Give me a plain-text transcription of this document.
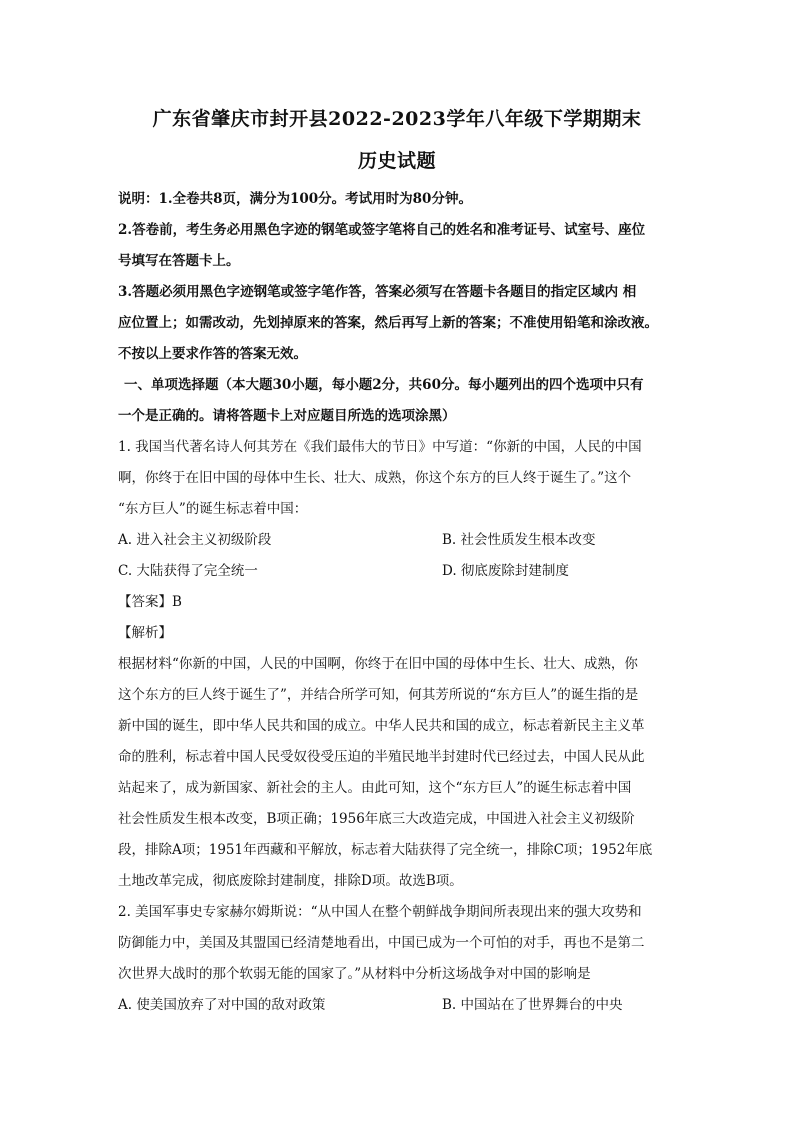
广东省肇庆市封开县2022-2023学年八年级下学期期末
历史试题

说明：1.全卷共8页，满分为100分。考试用时为80分钟。

2.答卷前，考生务必用黑色字迹的钢笔或签字笔将自己的姓名和准考证号、试室号、座位

号填写在答题卡上。

3.答题必须用黑色字迹钢笔或签字笔作答，答案必须写在答题卡各题目的指定区域内 相

应位置上；如需改动，先划掉原来的答案，然后再写上新的答案；不准使用铅笔和涂改液。

不按以上要求作答的答案无效。

一、单项选择题（本大题30小题，每小题2分，共60分。每小题列出的四个选项中只有

一个是正确的。请将答题卡上对应题目所选的选项涂黑）

1. 我国当代著名诗人何其芳在《我们最伟大的节日》中写道：“你新的中国，人民的中国

啊，你终于在旧中国的母体中生长、壮大、成熟，你这个东方的巨人终于诞生了。”这个

“东方巨人”的诞生标志着中国：

A. 进入社会主义初级阶段	B. 社会性质发生根本改变
C. 大陆获得了完全统一	D. 彻底废除封建制度

【答案】B

【解析】

根据材料“你新的中国，人民的中国啊，你终于在旧中国的母体中生长、壮大、成熟，你

这个东方的巨人终于诞生了”，并结合所学可知，何其芳所说的“东方巨人”的诞生指的是

新中国的诞生，即中华人民共和国的成立。中华人民共和国的成立，标志着新民主主义革

命的胜利，标志着中国人民受奴役受压迫的半殖民地半封建时代已经过去，中国人民从此

站起来了，成为新国家、新社会的主人。由此可知，这个“东方巨人”的诞生标志着中国

社会性质发生根本改变，B项正确；1956年底三大改造完成，中国进入社会主义初级阶

段，排除A项；1951年西藏和平解放，标志着大陆获得了完全统一，排除C项；1952年底

土地改革完成，彻底废除封建制度，排除D项。故选B项。

2. 美国军事史专家赫尔姆斯说：“从中国人在整个朝鲜战争期间所表现出来的强大攻势和

防御能力中，美国及其盟国已经清楚地看出，中国已成为一个可怕的对手，再也不是第二

次世界大战时的那个软弱无能的国家了。”从材料中分析这场战争对中国的影响是

A. 使美国放弃了对中国的敌对政策	B. 中国站在了世界舞台的中央
